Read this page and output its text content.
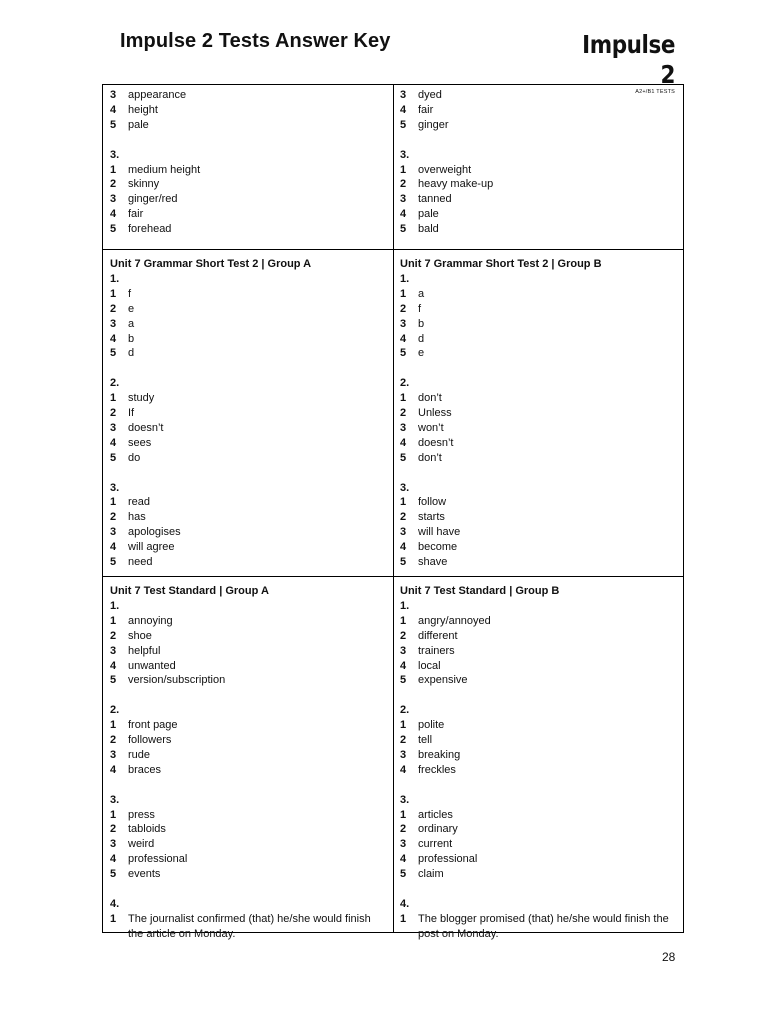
Impulse 2 Tests Answer Key	Impulse 2
A2+/B1 TESTS
3	appearance
4	height
5	pale
3.
1	medium height
2	skinny
3	ginger/red
4	fair
5	forehead
3	dyed
4	fair
5	ginger
3.
1	overweight
2	heavy make-up
3	tanned
4	pale
5	bald
Unit 7 Grammar Short Test 2 | Group A
1.
1	f
2	e
3	a
4	b
5	d
2.
1	study
2	If
3	doesn’t
4	sees
5	do
3.
1	read
2	has
3	apologises
4	will agree
5	need
Unit 7 Grammar Short Test 2 | Group B
1.
1	a
2	f
3	b
4	d
5	e
2.
1	don’t
2	Unless
3	won’t
4	doesn’t
5	don’t
3.
1	follow
2	starts
3	will have
4	become
5	shave
Unit 7 Test Standard | Group A
1.
1	annoying
2	shoe
3	helpful
4	unwanted
5	version/subscription
2.
1	front page
2	followers
3	rude
4	braces
3.
1	press
2	tabloids
3	weird
4	professional
5	events
4.
1	The journalist confirmed (that) he/she would finish the article on Monday.
Unit 7 Test Standard | Group B
1.
1	angry/annoyed
2	different
3	trainers
4	local
5	expensive
2.
1	polite
2	tell
3	breaking
4	freckles
3.
1	articles
2	ordinary
3	current
4	professional
5	claim
4.
1	The blogger promised (that) he/she would finish the post on Monday.
28
